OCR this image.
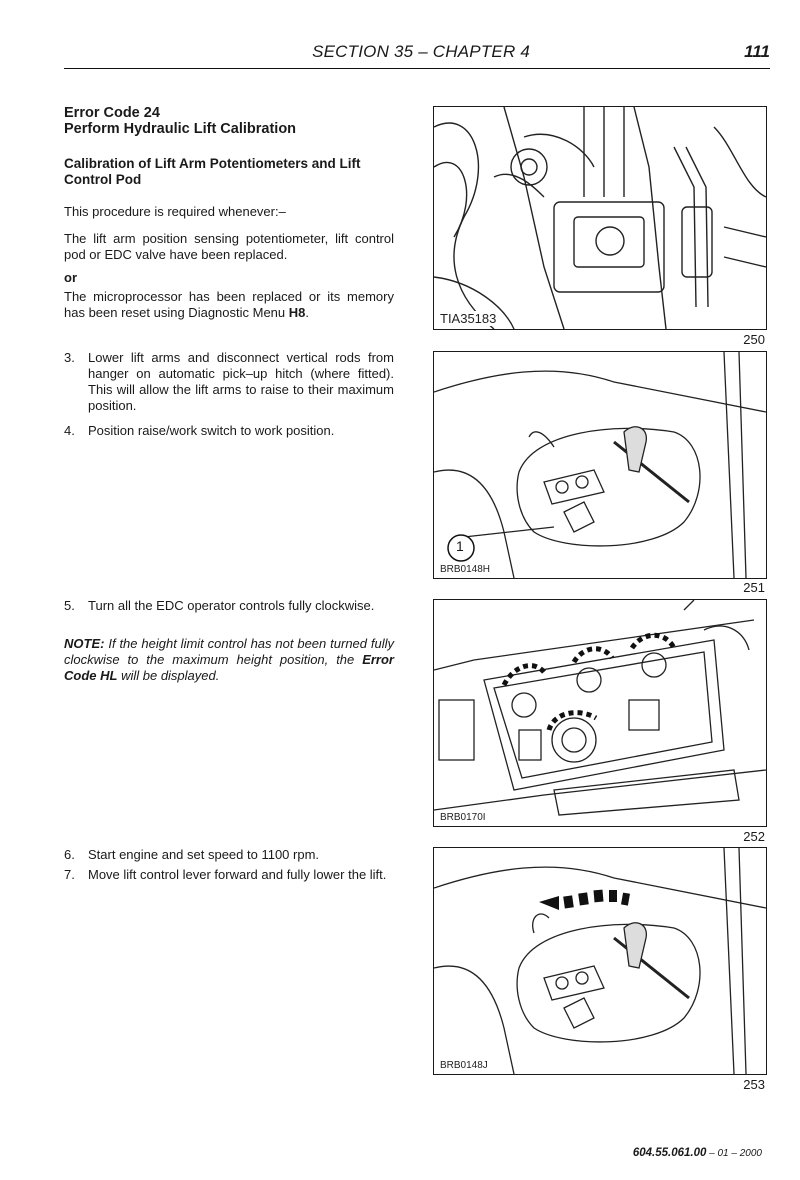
SECTION 35 – CHAPTER 4	111
Error Code 24
Perform Hydraulic Lift Calibration
Calibration of Lift Arm Potentiometers and Lift
Control Pod
This procedure is required whenever:–
The lift arm position sensing potentiometer, lift control pod or EDC valve have been replaced.
or
The microprocessor has been replaced or its memory has been reset using Diagnostic Menu H8.
3. Lower lift arms and disconnect vertical rods from hanger on automatic pick–up hitch (where fitted). This will allow the lift arms to raise to their maximum position.
4. Position raise/work switch to work position.
5. Turn all the EDC operator controls fully clockwise.
NOTE: If the height limit control has not been turned fully clockwise to the maximum height position, the Error Code HL will be displayed.
6. Start engine and set speed to 1100 rpm.
7. Move lift control lever forward and fully lower the lift.
TIA35183
250
1
BRB0148H
251
BRB0170I
252
BRB0148J
253
604.55.061.00 – 01 – 2000
